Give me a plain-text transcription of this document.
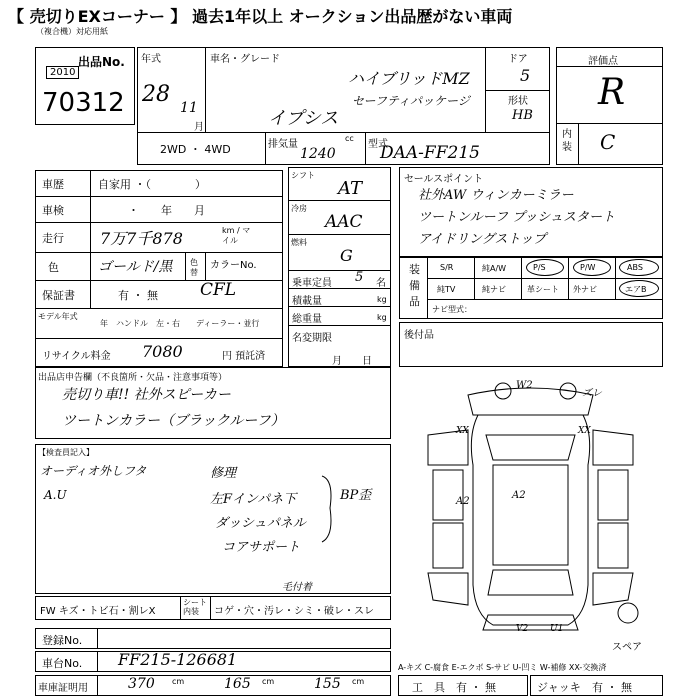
【 売切りEXコーナー 】 過去1年以上 オークション出品歴がない車両
（複合機）対応用紙
出品No.
2010
70312
年式
28
11
月
車名・グレード
ハイブリッドMZ
セーフティパッケージ
イプシス
ドア
5
形状
HB
2WD ・ 4WD	排気量
cc
1240
型式
DAA-FF215
評価点
R
内装 C
車歴	自家用 ・（　　　　）
車検	・　　年　　月
走行 7万7千878	km / マイル
色	ゴールド/黒 色替
カラーNo.
CFL
保証書	有 ・ 無
モデル年式
年　ハンドル　左・右　　ディーラー・並行
リサイクル料金 7080	円 預託済
シフト
AT
冷房
AAC
燃料
G
乗車定員 5 名
積載量	kg
総重量	kg
名変期限
月　　日
セールスポイント
社外AW ウィンカーミラー
ツートンルーフ プッシュスタート
アイドリングストップ
装備品
S/R	純A/W	P/S	P/W	ABS
純TV	純ナビ	革シート 外ナビ	エアB
ナビ型式：
後付品
出品店申告欄（不良箇所・欠品・注意事項等）
売切り車!! 社外スピーカー
ツートンカラー（ブラックルーフ）
【検査員記入】
オーディオ外しフタ
A.U
修理
左Fインパネ下
ダッシュパネル
コアサポート
BP歪
W2
ズレ
XX	XX
A2
A2
V2 U1
スペア
FW キズ・トビ石・割レX
シート内装	コゲ・穴・汚レ・シミ・破レ・スレ
毛付着
登録No.
車台No. FF215-126681
車庫証明用	370 cm	165 cm	155 cm
A-キズ C-腐食 E-エクボ S-サビ U-凹ミ W-補修 XX-交換済
工　具 有 ・ 無	ジャッキ 有 ・ 無
